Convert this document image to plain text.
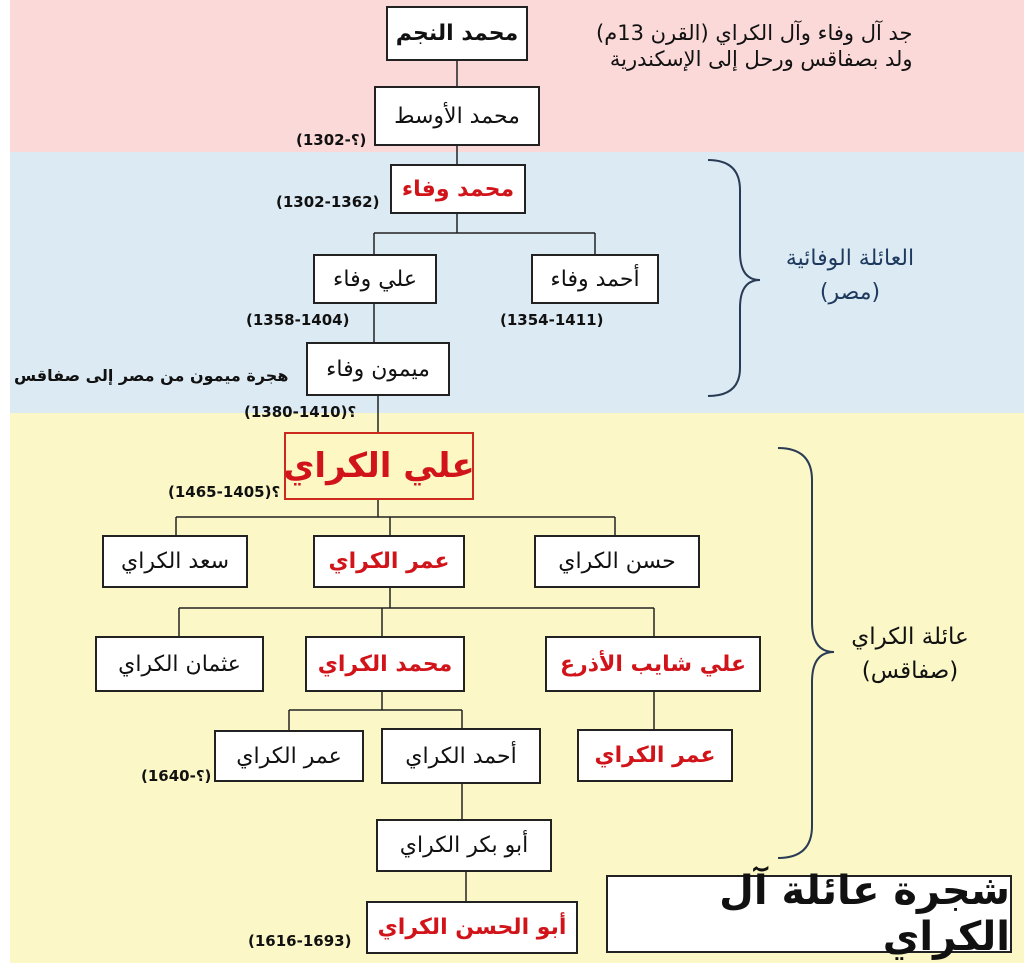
جد آل وفاء وآل الكراي (القرن 13م)
ولد بصفاقس ورحل إلى الإسكندرية
محمد النجم
محمد الأوسط
(؟-1302)
محمد وفاء
(1302-1362)
علي وفاء
(1358-1404)
أحمد وفاء
(1354-1411)
ميمون وفاء
هجرة ميمون من مصر إلى صفاقس
(1380-1410)؟
علي الكراي
؟(1405-1465)
سعد الكراي	عمر الكراي	حسن الكراي
عثمان الكراي	محمد الكراي	علي شايب الأذرع
عمر الكراي
(؟-1640)
أحمد الكراي	عمر الكراي
أبو بكر الكراي
أبو الحسن الكراي
(1616-1693)
العائلة الوفائية
(مصر)
عائلة الكراي
(صفاقس)
شجرة عائلة آل الكراي
